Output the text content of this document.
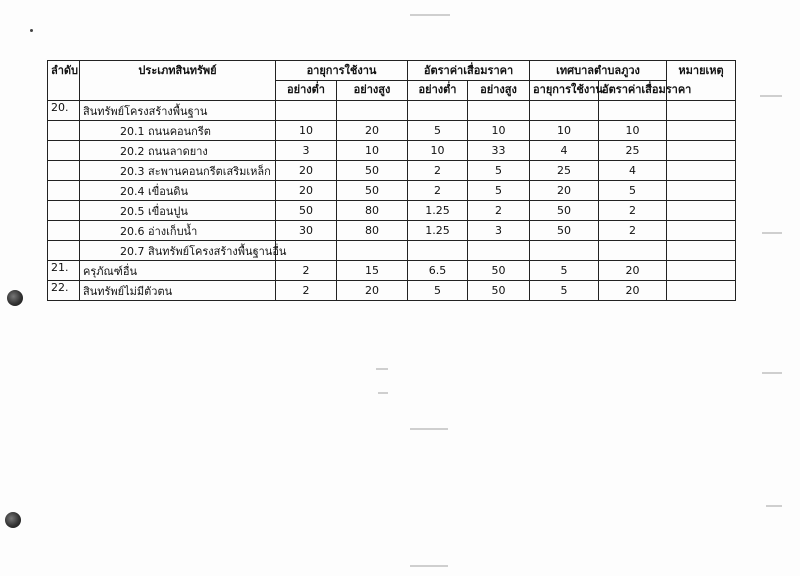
ลำดับ	ประเภทสินทรัพย์	อายุการใช้งาน		อัตราค่าเสื่อมราคา		เทศบาลตำบลภูวง		หมายเหตุ
		อย่างต่ำ	อย่างสูง	อย่างต่ำ	อย่างสูง	อายุการใช้งาน	อัตราค่าเสื่อมราคา	
20.	สินทรัพย์โครงสร้างพื้นฐาน							
	20.1 ถนนคอนกรีต	10	20	5	10	10	10	
	20.2 ถนนลาดยาง	3	10	10	33	4	25	
	20.3 สะพานคอนกรีตเสริมเหล็ก	20	50	2	5	25	4	
	20.4 เขื่อนดิน	20	50	2	5	20	5	
	20.5 เขื่อนปูน	50	80	1.25	2	50	2	
	20.6 อ่างเก็บน้ำ	30	80	1.25	3	50	2	
	20.7 สินทรัพย์โครงสร้างพื้นฐานอื่น							
21.	ครุภัณฑ์อื่น	2	15	6.5	50	5	20	
22.	สินทรัพย์ไม่มีตัวตน	2	20	5	50	5	20	
